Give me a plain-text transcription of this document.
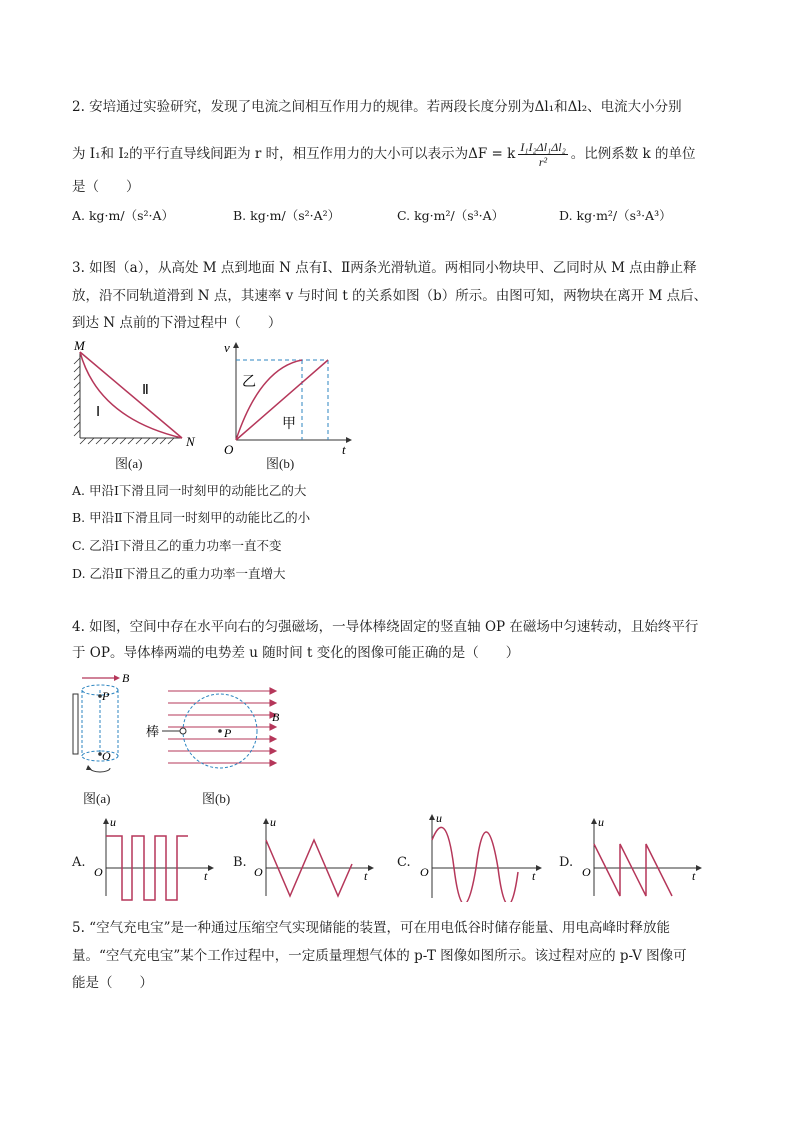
2. 安培通过实验研究，发现了电流之间相互作用力的规律。若两段长度分别为Δl₁和Δl₂、电流大小分别
为 I₁和 I₂的平行直导线间距为 r 时，相互作用力的大小可以表示为ΔF = k $\frac{\text{I₁I₂Δl₁Δl₂}}{\text{r²}}$ 。比例系数 k 的单位
是（　　）
A. kg·m/（s²·A）	B. kg·m/（s²·A²）	C. kg·m²/（s³·A）	D. kg·m²/（s³·A³）
3. 如图（a），从高处 M 点到地面 N 点有Ⅰ、Ⅱ两条光滑轨道。两相同小物块甲、乙同时从 M 点由静止释
放，沿不同轨道滑到 N 点，其速率 v 与时间 t 的关系如图（b）所示。由图可知，两物块在离开 M 点后、
到达 N 点前的下滑过程中（　　）
M
N
Ⅰ
Ⅱ
图(a)
v
t
O
乙
甲
图(b)
A. 甲沿Ⅰ下滑且同一时刻甲的动能比乙的大
B. 甲沿Ⅱ下滑且同一时刻甲的动能比乙的小
C. 乙沿Ⅰ下滑且乙的重力功率一直不变
D. 乙沿Ⅱ下滑且乙的重力功率一直增大
4. 如图，空间中存在水平向右的匀强磁场，一导体棒绕固定的竖直轴 OP 在磁场中匀速转动，且始终平行
于 OP。导体棒两端的电势差 u 随时间 t 变化的图像可能正确的是（　　）
B
P
O
图(a)
P
B
棒
图(b)
A.
u
O	t
B.
u
O	t
C.
u
O	t
D.
u
O	t
5. “空气充电宝”是一种通过压缩空气实现储能的装置，可在用电低谷时储存能量、用电高峰时释放能
量。“空气充电宝”某个工作过程中，一定质量理想气体的 p-T 图像如图所示。该过程对应的 p-V 图像可
能是（　　）
